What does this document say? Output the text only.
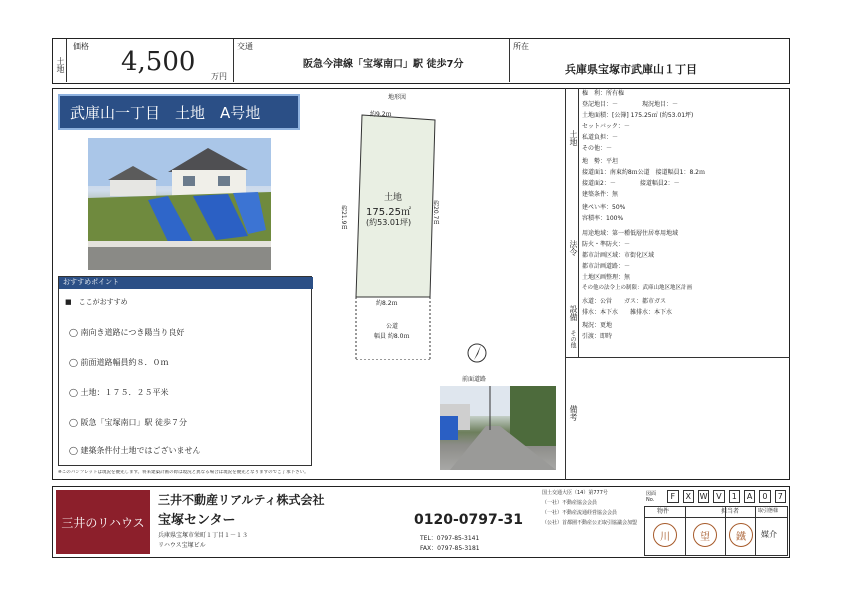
土地
価格
4,500 万円
交通
阪急今津線「宝塚南口」駅 徒歩7分
所在
兵庫県宝塚市武庫山１丁目
武庫山一丁目　土地　A号地
おすすめポイント
■　ここがおすすめ
◯ 南向き道路につき陽当り良好
◯ 前面道路幅員約８．０ｍ
◯ 土地：１７５．２５平米
◯ 阪急「宝塚南口」駅 徒歩７分
◯ 建築条件付土地ではございません
※このパンフレットは現況を優先します。将来建築計画の際は現況と異なる場合は現況を優先となりますのでご了承下さい。
地形図
約9.2ｍ
約21.9ｍ	約20.7ｍ
土地
175.25㎡
(約53.01坪)
約8.2ｍ
公道
幅員 約8.0ｍ
前面道路
土地
法令
設備
その他
備考
権　利：所有権
登記地目：－　　　　現況地目：－
土地面積：[公簿] 175.25㎡ (約53.01坪)
セットバック：－
私道負担：－
その他：－
地　勢：平坦
接道面1：南東約8ｍ公道　接道幅員1：8.2ｍ
接道面2：－　　　　接道幅員2：－
建築条件：無
建ぺい率：50%
容積率：100%
用途地域：第一種低層住居専用地域
防火・準防火：－
都市計画区域：市街化区域
都市計画道路：－
土地区画整理：無
その他の法令上の制限：武庫山地区地区計画
水道：公営　　ガス：都市ガス
排水：本下水　　雑排水：本下水
現況：更地
引渡：即時
三井のリハウス
三井不動産リアルティ株式会社
宝塚センター
兵庫県宝塚市栄町１丁目１－１３
リハウス宝塚ビル
0120-0797-31
TEL：0797-85-3141
FAX：0797-85-3181
国土交通大臣（14）第777号
（一社）不動産協会会員
（一社）不動産流通経営協会会員
（公社）首都圏不動産公正取引協議会加盟
図面No.	F	X	W	V	1	A	0	7
物件	担当者	取引態様
川	望	鐵	媒介
